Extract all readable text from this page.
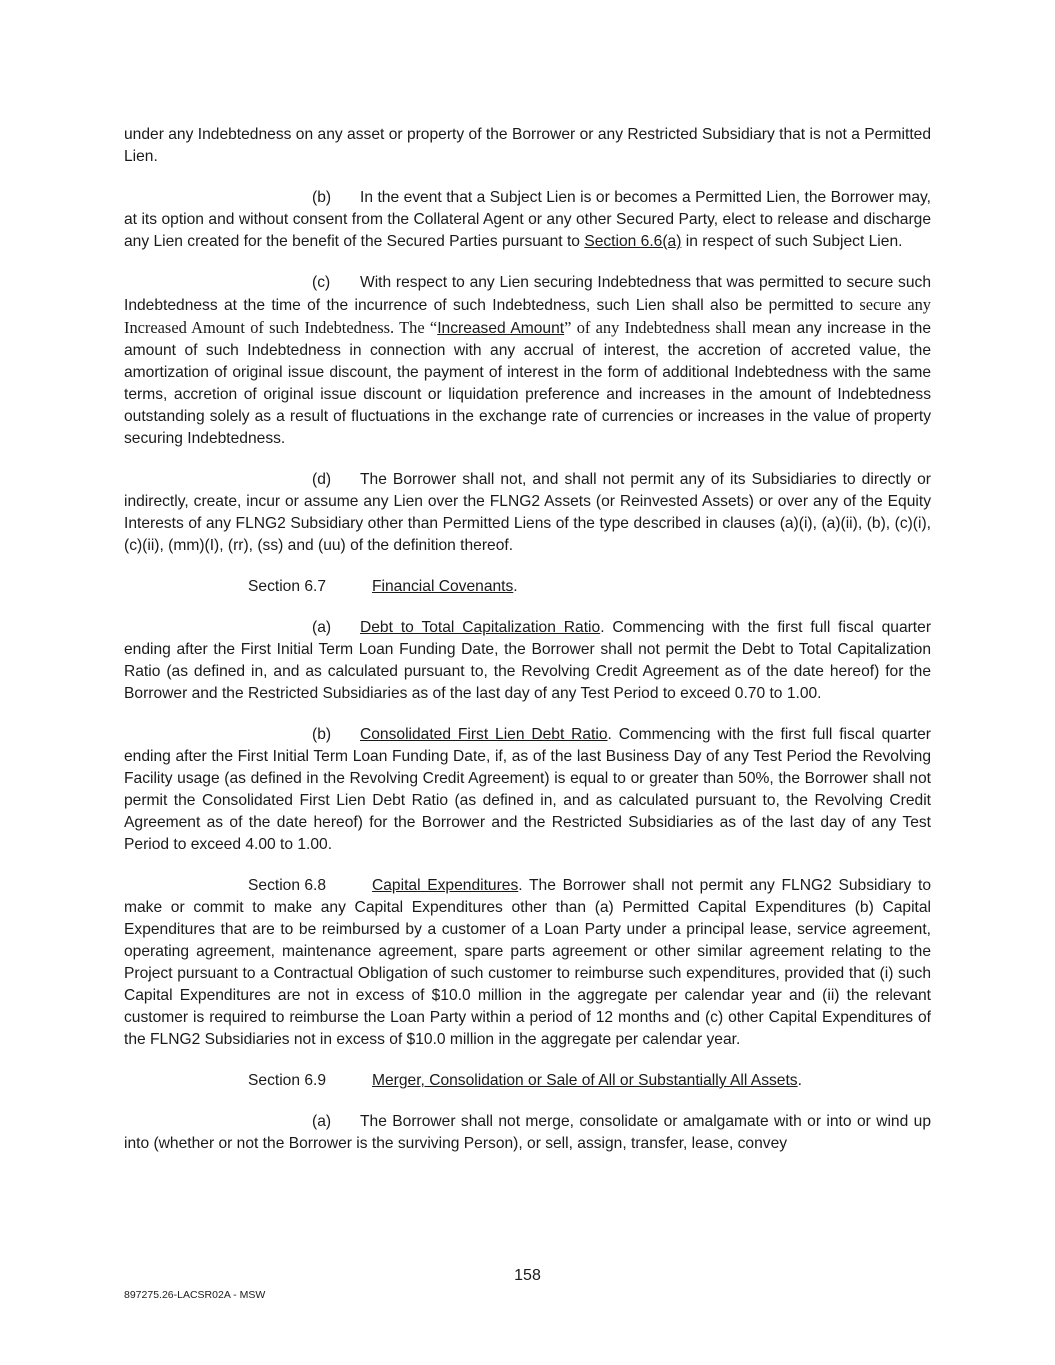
under any Indebtedness on any asset or property of the Borrower or any Restricted Subsidiary that is not a Permitted Lien.

(b) In the event that a Subject Lien is or becomes a Permitted Lien, the Borrower may, at its option and without consent from the Collateral Agent or any other Secured Party, elect to release and discharge any Lien created for the benefit of the Secured Parties pursuant to Section 6.6(a) in respect of such Subject Lien.

(c) With respect to any Lien securing Indebtedness that was permitted to secure such Indebtedness at the time of the incurrence of such Indebtedness, such Lien shall also be permitted to secure any Increased Amount of such Indebtedness. The “Increased Amount” of any Indebtedness shall mean any increase in the amount of such Indebtedness in connection with any accrual of interest, the accretion of accreted value, the amortization of original issue discount, the payment of interest in the form of additional Indebtedness with the same terms, accretion of original issue discount or liquidation preference and increases in the amount of Indebtedness outstanding solely as a result of fluctuations in the exchange rate of currencies or increases in the value of property securing Indebtedness.

(d) The Borrower shall not, and shall not permit any of its Subsidiaries to directly or indirectly, create, incur or assume any Lien over the FLNG2 Assets (or Reinvested Assets) or over any of the Equity Interests of any FLNG2 Subsidiary other than Permitted Liens of the type described in clauses (a)(i), (a)(ii), (b), (c)(i), (c)(ii), (mm)(I), (rr), (ss) and (uu) of the definition thereof.

Section 6.7	Financial Covenants.

(a) Debt to Total Capitalization Ratio. Commencing with the first full fiscal quarter ending after the First Initial Term Loan Funding Date, the Borrower shall not permit the Debt to Total Capitalization Ratio (as defined in, and as calculated pursuant to, the Revolving Credit Agreement as of the date hereof) for the Borrower and the Restricted Subsidiaries as of the last day of any Test Period to exceed 0.70 to 1.00.

(b) Consolidated First Lien Debt Ratio. Commencing with the first full fiscal quarter ending after the First Initial Term Loan Funding Date, if, as of the last Business Day of any Test Period the Revolving Facility usage (as defined in the Revolving Credit Agreement) is equal to or greater than 50%, the Borrower shall not permit the Consolidated First Lien Debt Ratio (as defined in, and as calculated pursuant to, the Revolving Credit Agreement as of the date hereof) for the Borrower and the Restricted Subsidiaries as of the last day of any Test Period to exceed 4.00 to 1.00.

Section 6.8	Capital Expenditures. The Borrower shall not permit any FLNG2 Subsidiary to make or commit to make any Capital Expenditures other than (a) Permitted Capital Expenditures (b) Capital Expenditures that are to be reimbursed by a customer of a Loan Party under a principal lease, service agreement, operating agreement, maintenance agreement, spare parts agreement or other similar agreement relating to the Project pursuant to a Contractual Obligation of such customer to reimburse such expenditures, provided that (i) such Capital Expenditures are not in excess of $10.0 million in the aggregate per calendar year and (ii) the relevant customer is required to reimburse the Loan Party within a period of 12 months and (c) other Capital Expenditures of the FLNG2 Subsidiaries not in excess of $10.0 million in the aggregate per calendar year.

Section 6.9	Merger, Consolidation or Sale of All or Substantially All Assets.

(a) The Borrower shall not merge, consolidate or amalgamate with or into or wind up into (whether or not the Borrower is the surviving Person), or sell, assign, transfer, lease, convey

158
897275.26-LACSR02A - MSW
